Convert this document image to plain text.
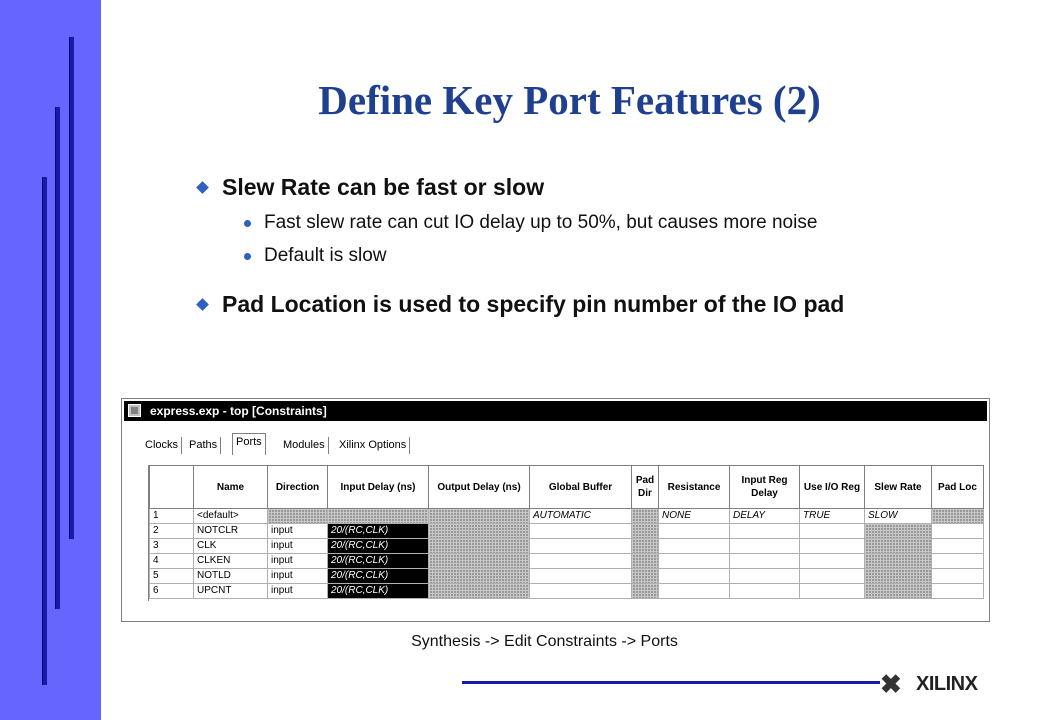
Define Key Port Features (2)
Slew Rate can be fast or slow
Fast slew rate can cut IO delay up to 50%, but causes more noise
Default is slow
Pad Location is used to specify pin number of the IO pad
express.exp - top [Constraints]
Clocks Paths	Ports	Modules	Xilinx Options
	Name	Direction	Input Delay (ns)	Output Delay (ns)	Global Buffer	Pad Dir	Resistance	Input Reg Delay	Use I/O Reg	Slew Rate	Pad Loc
1	<default>				AUTOMATIC		NONE	DELAY	TRUE	SLOW	
2	NOTCLR	input	20/(RC,CLK)								
3	CLK	input	20/(RC,CLK)								
4	CLKEN	input	20/(RC,CLK)								
5	NOTLD	input	20/(RC,CLK)								
6	UPCNT	input	20/(RC,CLK)								
Synthesis -> Edit Constraints -> Ports
✖ XILINX
